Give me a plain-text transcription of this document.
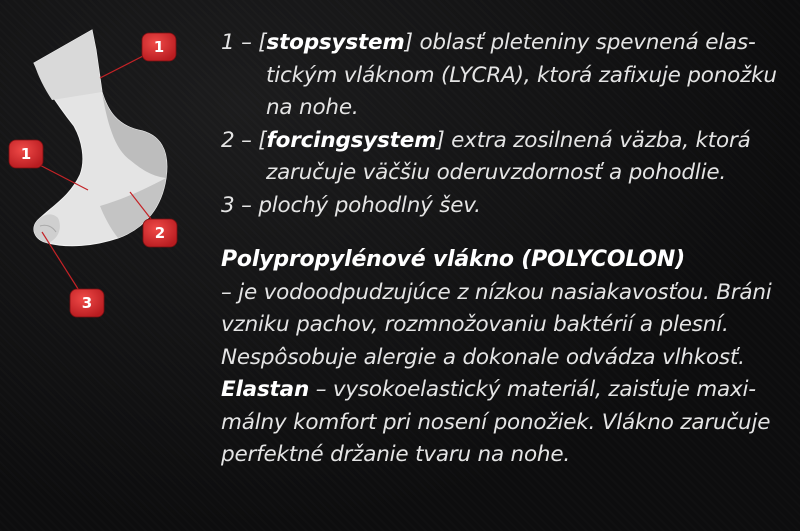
1
1
2
3
1 – [stopsystem] oblasť pleteniny spevnená elas-tickým vláknom (LYCRA), ktorá zafixuje ponožku na nohe.
2 – [forcingsystem] extra zosilnená väzba, ktorá zaručuje väčšiu oderuvzdornosť a pohodlie.
3 – plochý pohodlný šev.
Polypropylénové vlákno (POLYCOLON)
– je vodoodpudzujúce z nízkou nasiakavosťou. Bráni vzniku pachov, rozmnožovaniu baktérií a plesní. Nespôsobuje alergie a dokonale odvádza vlhkosť.
Elastan – vysokoelastický materiál, zaisťuje maxi-málny komfort pri nosení ponožiek. Vlákno zaručuje perfektné držanie tvaru na nohe.
